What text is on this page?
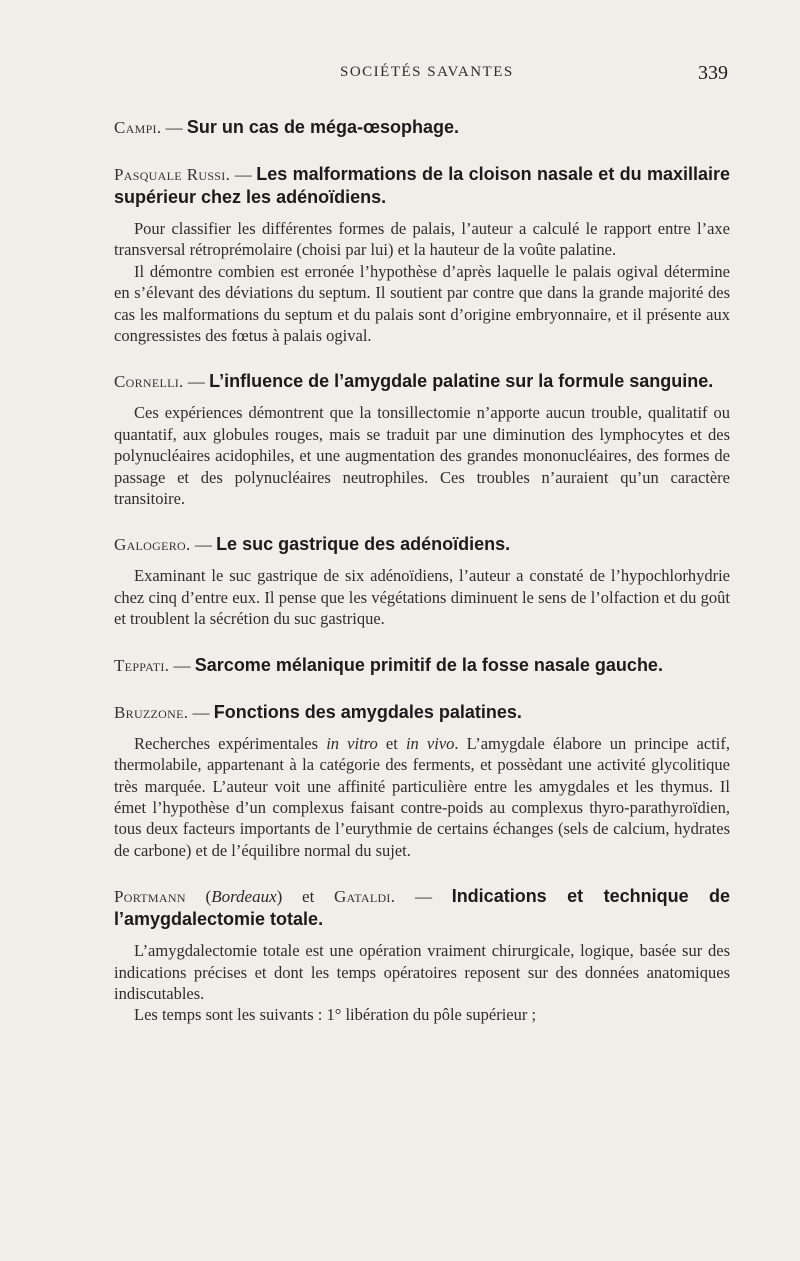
SOCIÉTÉS SAVANTES	339

Campi. — Sur un cas de méga-œsophage.

Pasquale Russi. — Les malformations de la cloison nasale et du maxillaire supérieur chez les adénoïdiens.

Pour classifier les différentes formes de palais, l’auteur a calculé le rapport entre l’axe transversal rétroprémolaire (choisi par lui) et la hauteur de la voûte palatine.

Il démontre combien est erronée l’hypothèse d’après laquelle le palais ogival détermine en s’élevant des déviations du septum. Il soutient par contre que dans la grande majorité des cas les malformations du septum et du palais sont d’origine embryonnaire, et il présente aux congressistes des fœtus à palais ogival.

Cornelli. — L’influence de l’amygdale palatine sur la formule sanguine.

Ces expériences démontrent que la tonsillectomie n’apporte aucun trouble, qualitatif ou quantatif, aux globules rouges, mais se traduit par une diminution des lymphocytes et des polynucléaires acidophiles, et une augmentation des grandes mononucléaires, des formes de passage et des polynucléaires neutrophiles. Ces troubles n’auraient qu’un caractère transitoire.

Galogero. — Le suc gastrique des adénoïdiens.

Examinant le suc gastrique de six adénoïdiens, l’auteur a constaté de l’hypochlorhydrie chez cinq d’entre eux. Il pense que les végétations diminuent le sens de l’olfaction et du goût et troublent la sécrétion du suc gastrique.

Teppati. — Sarcome mélanique primitif de la fosse nasale gauche.

Bruzzone. — Fonctions des amygdales palatines.

Recherches expérimentales in vitro et in vivo. L’amygdale élabore un principe actif, thermolabile, appartenant à la catégorie des ferments, et possèdant une activité glycolitique très marquée. L’auteur voit une affinité particulière entre les amygdales et les thymus. Il émet l’hypothèse d’un complexus faisant contre-poids au complexus thyro-parathyroïdien, tous deux facteurs importants de l’eurythmie de certains échanges (sels de calcium, hydrates de carbone) et de l’équilibre normal du sujet.

Portmann (Bordeaux) et Gataldi. — Indications et technique de l’amygdalectomie totale.

L’amygdalectomie totale est une opération vraiment chirurgicale, logique, basée sur des indications précises et dont les temps opératoires reposent sur des données anatomiques indiscutables.

Les temps sont les suivants : 1° libération du pôle supérieur ;
